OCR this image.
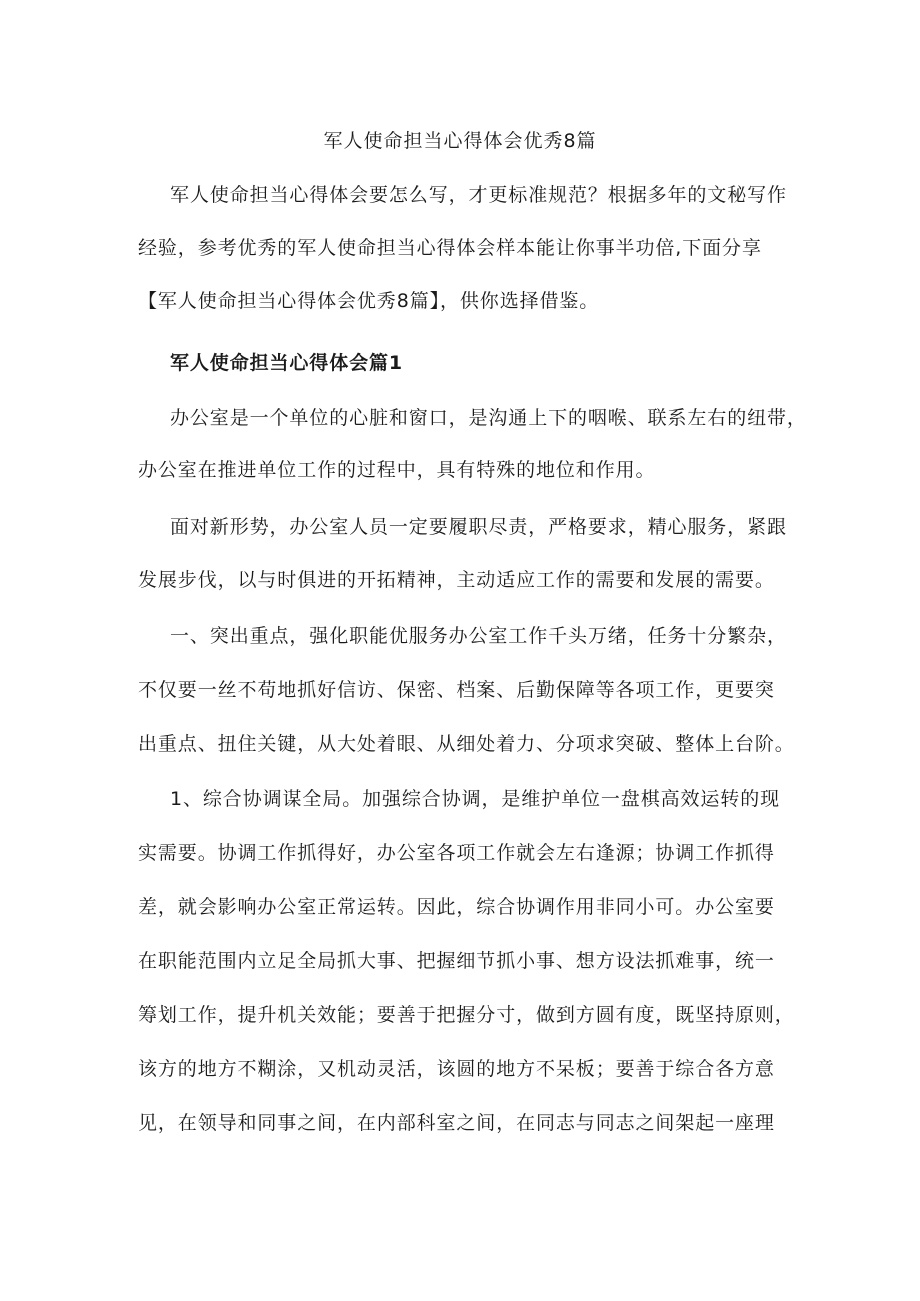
军人使命担当心得体会优秀8篇
军人使命担当心得体会要怎么写，才更标准规范？根据多年的文秘写作
经验，参考优秀的军人使命担当心得体会样本能让你事半功倍,下面分享
【军人使命担当心得体会优秀8篇】，供你选择借鉴。
军人使命担当心得体会篇1
办公室是一个单位的心脏和窗口，是沟通上下的咽喉、联系左右的纽带，
办公室在推进单位工作的过程中，具有特殊的地位和作用。
面对新形势，办公室人员一定要履职尽责，严格要求，精心服务，紧跟
发展步伐，以与时俱进的开拓精神，主动适应工作的需要和发展的需要。
一、突出重点，强化职能优服务办公室工作千头万绪，任务十分繁杂，
不仅要一丝不苟地抓好信访、保密、档案、后勤保障等各项工作，更要突
出重点、扭住关键，从大处着眼、从细处着力、分项求突破、整体上台阶。
1、综合协调谋全局。加强综合协调，是维护单位一盘棋高效运转的现
实需要。协调工作抓得好，办公室各项工作就会左右逢源；协调工作抓得
差，就会影响办公室正常运转。因此，综合协调作用非同小可。办公室要
在职能范围内立足全局抓大事、把握细节抓小事、想方设法抓难事，统一
筹划工作，提升机关效能；要善于把握分寸，做到方圆有度，既坚持原则，
该方的地方不糊涂，又机动灵活，该圆的地方不呆板；要善于综合各方意
见，在领导和同事之间，在内部科室之间，在同志与同志之间架起一座理
